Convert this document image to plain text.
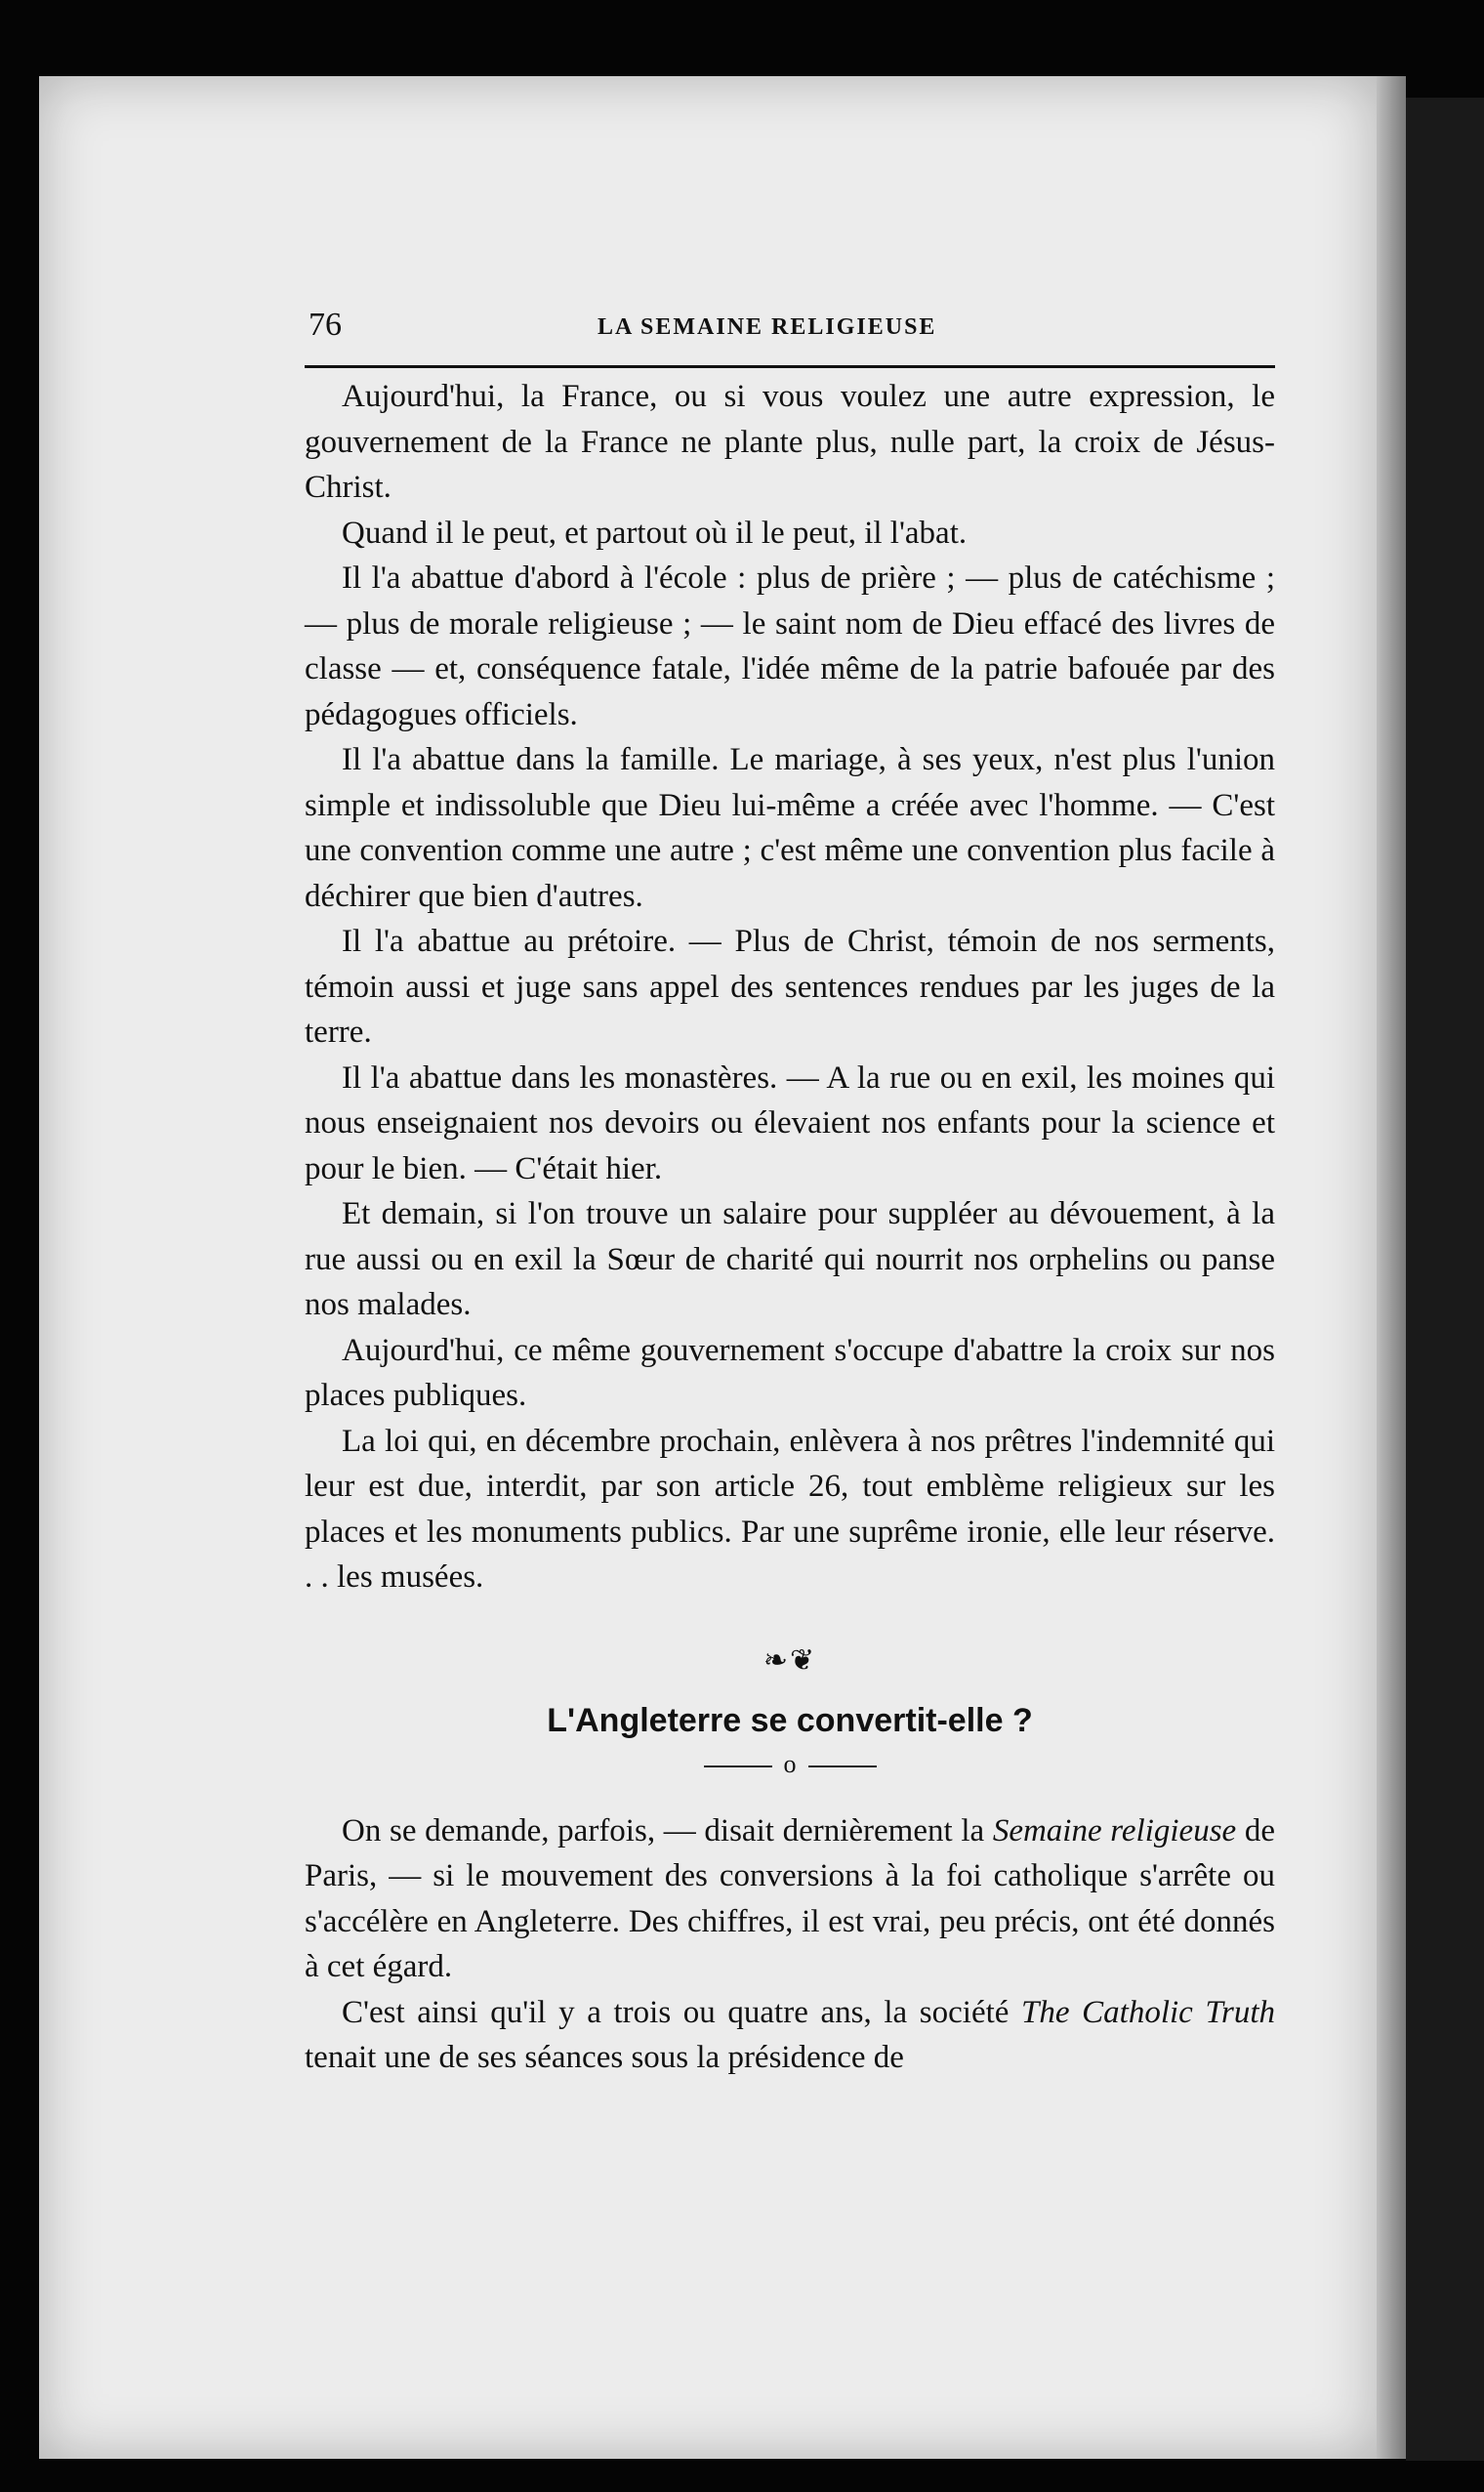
76	LA SEMAINE RELIGIEUSE

Aujourd'hui, la France, ou si vous voulez une autre expression, le gouvernement de la France ne plante plus, nulle part, la croix de Jésus-Christ.

Quand il le peut, et partout où il le peut, il l'abat.

Il l'a abattue d'abord à l'école : plus de prière ; — plus de catéchisme ; — plus de morale religieuse ; — le saint nom de Dieu effacé des livres de classe — et, conséquence fatale, l'idée même de la patrie bafouée par des pédagogues officiels.

Il l'a abattue dans la famille. Le mariage, à ses yeux, n'est plus l'union simple et indissoluble que Dieu lui-même a créée avec l'homme. — C'est une convention comme une autre ; c'est même une convention plus facile à déchirer que bien d'autres.

Il l'a abattue au prétoire. — Plus de Christ, témoin de nos serments, témoin aussi et juge sans appel des sentences rendues par les juges de la terre.

Il l'a abattue dans les monastères. — A la rue ou en exil, les moines qui nous enseignaient nos devoirs ou élevaient nos enfants pour la science et pour le bien. — C'était hier.

Et demain, si l'on trouve un salaire pour suppléer au dévouement, à la rue aussi ou en exil la Sœur de charité qui nourrit nos orphelins ou panse nos malades.

Aujourd'hui, ce même gouvernement s'occupe d'abattre la croix sur nos places publiques.

La loi qui, en décembre prochain, enlèvera à nos prêtres l'indemnité qui leur est due, interdit, par son article 26, tout emblème religieux sur les places et les monuments publics. Par une suprême ironie, elle leur réserve. . . les musées.

❧❦
L'Angleterre se convertit-elle ?
o

On se demande, parfois, — disait dernièrement la Semaine religieuse de Paris, — si le mouvement des conversions à la foi catholique s'arrête ou s'accélère en Angleterre. Des chiffres, il est vrai, peu précis, ont été donnés à cet égard.

C'est ainsi qu'il y a trois ou quatre ans, la société The Catholic Truth tenait une de ses séances sous la présidence de
